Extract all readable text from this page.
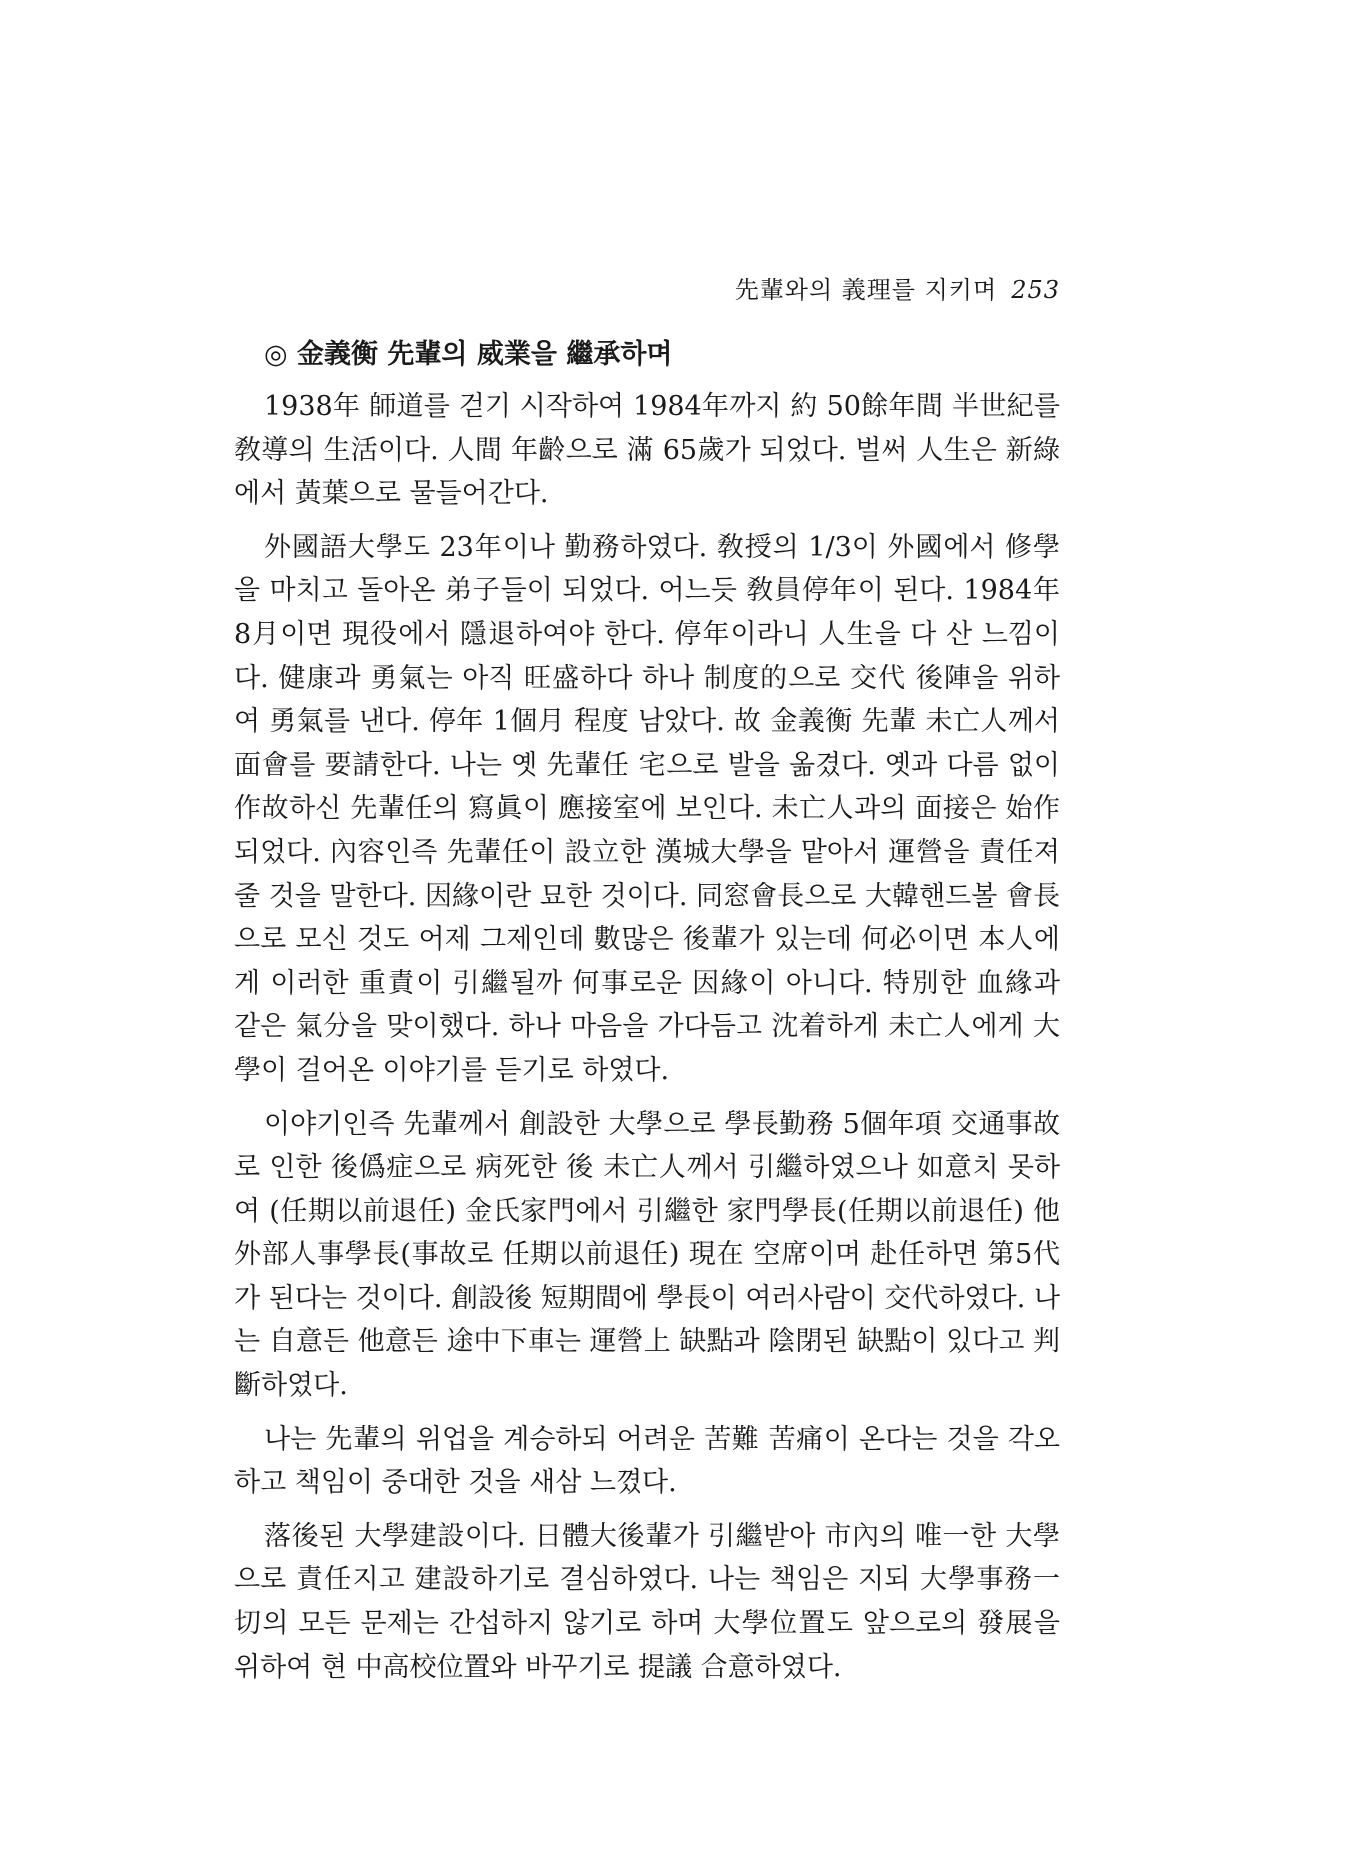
先輩와의 義理를 지키며 253
◎ 金義衡 先輩의 威業을 繼承하며

1938年 師道를 걷기 시작하여 1984年까지 約 50餘年間 半世紀를 敎導의 生活이다. 人間 年齡으로 滿 65歲가 되었다. 벌써 人生은 新綠에서 黃葉으로 물들어간다.

外國語大學도 23年이나 勤務하였다. 敎授의 1/3이 外國에서 修學을 마치고 돌아온 弟子들이 되었다. 어느듯 敎員停年이 된다. 1984年 8月이면 現役에서 隱退하여야 한다. 停年이라니 人生을 다 산 느낌이다. 健康과 勇氣는 아직 旺盛하다 하나 制度的으로 交代 後陣을 위하여 勇氣를 낸다. 停年 1個月 程度 남았다. 故 金義衡 先輩 未亡人께서 面會를 要請한다. 나는 옛 先輩任 宅으로 발을 옮겼다. 옛과 다름 없이 作故하신 先輩任의 寫眞이 應接室에 보인다. 未亡人과의 面接은 始作되었다. 內容인즉 先輩任이 設立한 漢城大學을 맡아서 運營을 責任져줄 것을 말한다. 因緣이란 묘한 것이다. 同窓會長으로 大韓핸드볼 會長으로 모신 것도 어제 그제인데 數많은 後輩가 있는데 何必이면 本人에게 이러한 重責이 引繼될까 何事로운 因緣이 아니다. 特別한 血緣과 같은 氣分을 맞이했다. 하나 마음을 가다듬고 沈着하게 未亡人에게 大學이 걸어온 이야기를 듣기로 하였다.

이야기인즉 先輩께서 創設한 大學으로 學長勤務 5個年項 交通事故로 인한 後僞症으로 病死한 後 未亡人께서 引繼하였으나 如意치 못하여 (任期以前退任) 金氏家門에서 引繼한 家門學長(任期以前退任) 他外部人事學長(事故로 任期以前退任) 現在 空席이며 赴任하면 第5代가 된다는 것이다. 創設後 短期間에 學長이 여러사람이 交代하였다. 나는 自意든 他意든 途中下車는 運營上 缺點과 陰閉된 缺點이 있다고 判斷하였다.

나는 先輩의 위업을 계승하되 어려운 苦難 苦痛이 온다는 것을 각오하고 책임이 중대한 것을 새삼 느꼈다.

落後된 大學建設이다. 日體大後輩가 引繼받아 市內의 唯一한 大學으로 責任지고 建設하기로 결심하였다. 나는 책임은 지되 大學事務一切의 모든 문제는 간섭하지 않기로 하며 大學位置도 앞으로의 發展을 위하여 현 中高校位置와 바꾸기로 提議 合意하였다.
